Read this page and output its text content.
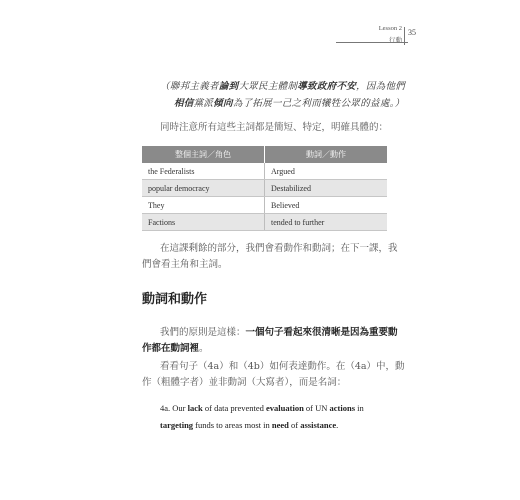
Lesson 2
行動
35
（聯邦主義者論到大眾民主體制導致政府不安，因為他們
相信黨派傾向為了拓展一己之利而犧牲公眾的益處。）
同時注意所有這些主詞都是簡短、特定，明確具體的：
整個主詞／角色	動詞／動作
the Federalists	Argued
popular democracy	Destabilized
They	Believed
Factions	tended to further
在這課剩餘的部分，我們會看動作和動詞；在下一課，我
們會看主角和主詞。
動詞和動作
我們的原則是這樣：一個句子看起來很清晰是因為重要動
作都在動詞裡。
看看句子（4a）和（4b）如何表達動作。在（4a）中，動
作（粗體字者）並非動詞（大寫者），而是名詞：
4a. Our lack of data prevented evaluation of UN actions in
targeting funds to areas most in need of assistance.
